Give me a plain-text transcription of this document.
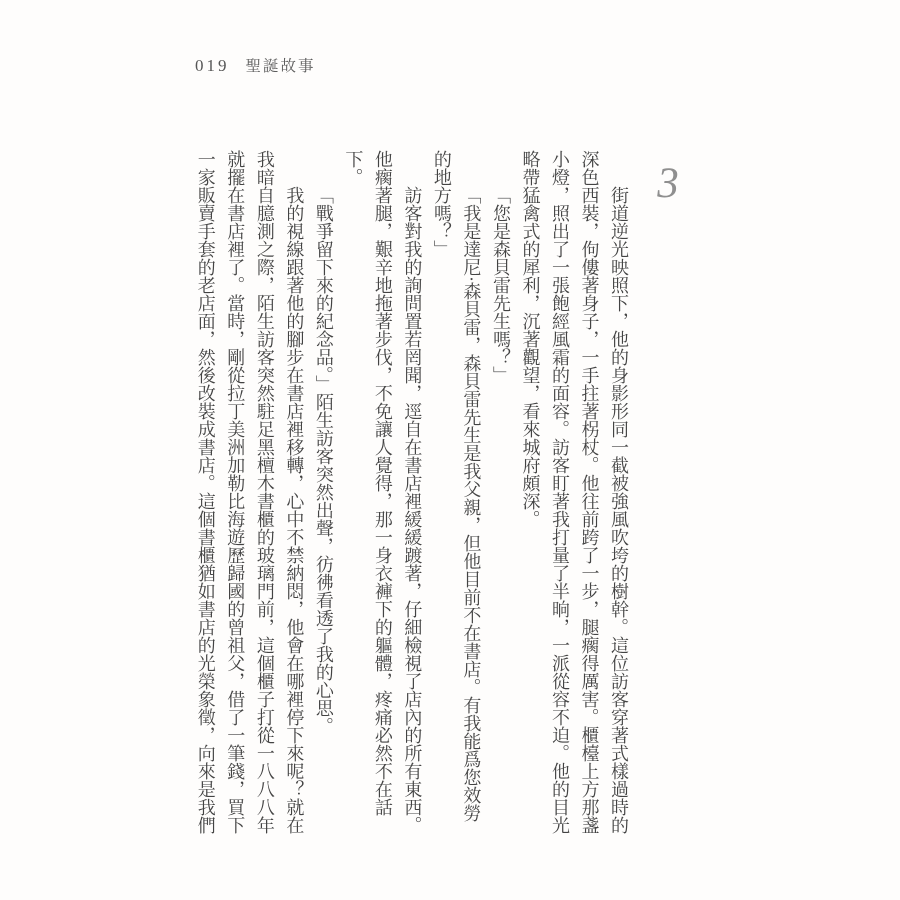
019 聖誕故事
3

街道逆光映照下，他的身影形同一截被強風吹垮的樹幹。這位訪客穿著式樣過時的深色西裝，佝僂著身子，一手拄著柺杖。他往前跨了一步，腿瘸得厲害。櫃檯上方那盞小燈，照出了一張飽經風霜的面容。訪客盯著我打量了半晌，一派從容不迫。他的目光略帶猛禽式的犀利，沉著觀望，看來城府頗深。

「您是森貝雷先生嗎？」

「我是達尼·森貝雷，森貝雷先生是我父親，但他目前不在書店。有我能爲您效勞的地方嗎？」

訪客對我的詢問置若罔聞，逕自在書店裡緩緩踱著，仔細檢視了店內的所有東西。他瘸著腿，艱辛地拖著步伐，不免讓人覺得，那一身衣褲下的軀體，疼痛必然不在話下。

「戰爭留下來的紀念品。」陌生訪客突然出聲，彷彿看透了我的心思。

我的視線跟著他的腳步在書店裡移轉，心中不禁納悶，他會在哪裡停下來呢？就在我暗自臆測之際，陌生訪客突然駐足黑檀木書櫃的玻璃門前，這個櫃子打從一八八八年就擺在書店裡了。當時，剛從拉丁美洲加勒比海遊歷歸國的曾祖父，借了一筆錢，買下一家販賣手套的老店面，然後改裝成書店。這個書櫃猶如書店的光榮象徵，向來是我們
